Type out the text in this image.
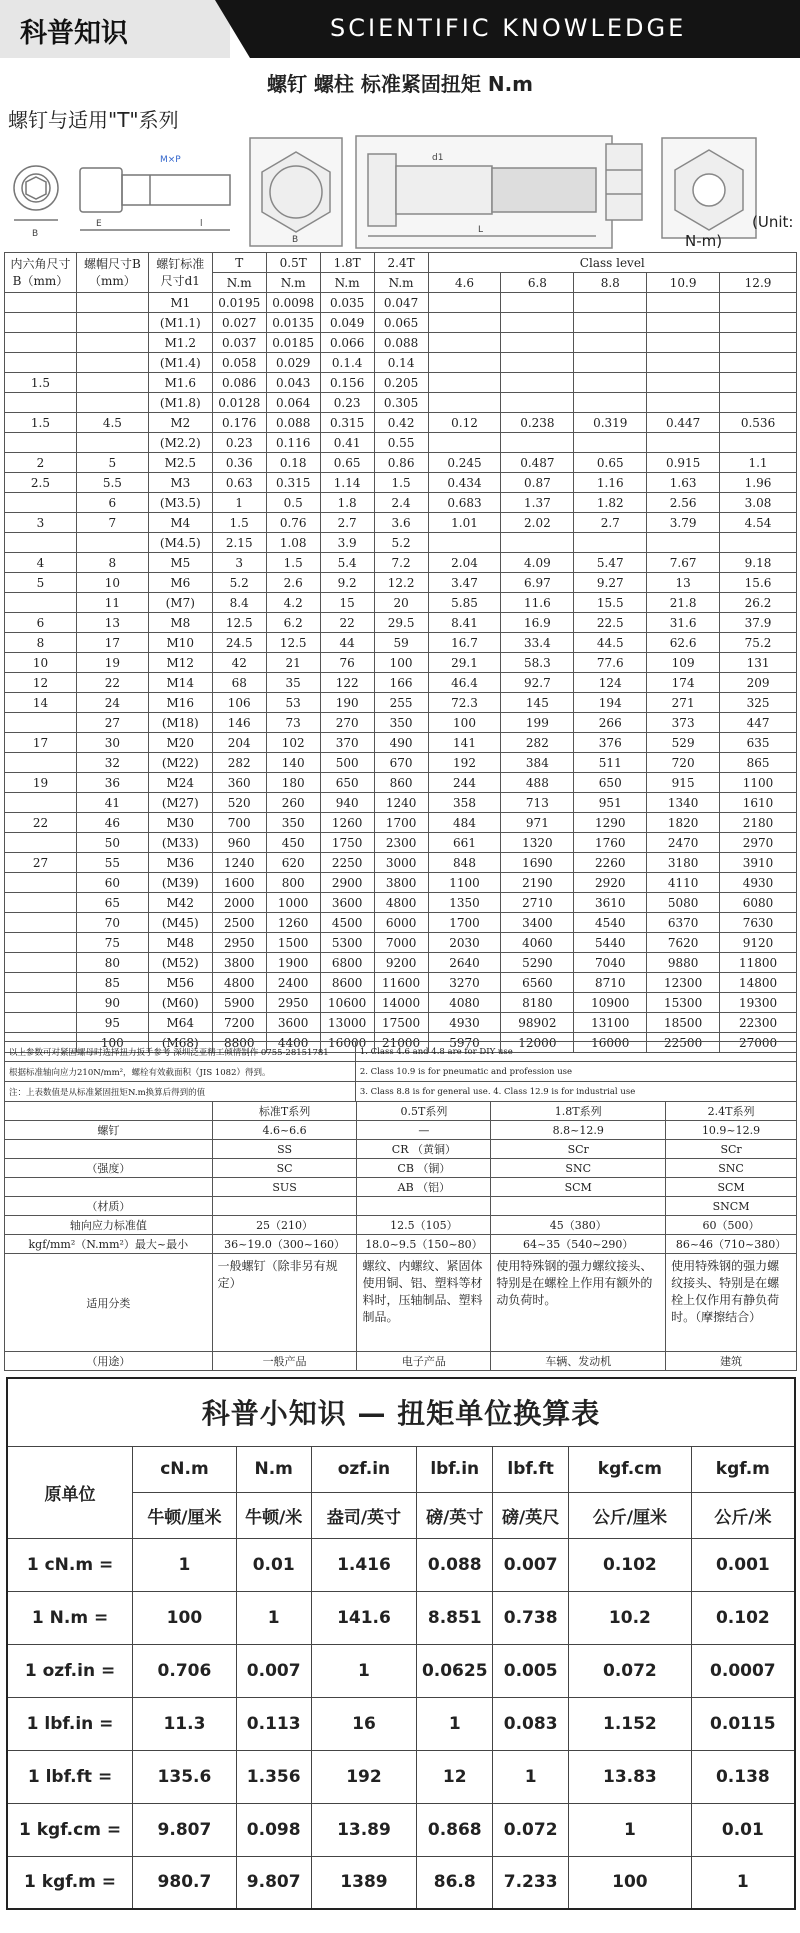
科普知识	SCIENTIFIC KNOWLEDGE
螺钉 螺柱 标准紧固扭矩 N.m
螺钉与适用"T"系列
B
M×P
E	l
B
d1
L	(Unit:
N-m)
内六角尺寸B（mm）	螺帽尺寸B（mm）	螺钉标准尺寸d1	T	0.5T	1.8T	2.4T	Class level				
			N.m	N.m	N.m	N.m	4.6	6.8	8.8	10.9	12.9
		M1	0.0195	0.0098	0.035	0.047					
		(M1.1)	0.027	0.0135	0.049	0.065					
		M1.2	0.037	0.0185	0.066	0.088					
		(M1.4)	0.058	0.029	0.1.4	0.14					
1.5		M1.6	0.086	0.043	0.156	0.205					
		(M1.8)	0.0128	0.064	0.23	0.305					
1.5	4.5	M2	0.176	0.088	0.315	0.42	0.12	0.238	0.319	0.447	0.536
		(M2.2)	0.23	0.116	0.41	0.55					
2	5	M2.5	0.36	0.18	0.65	0.86	0.245	0.487	0.65	0.915	1.1
2.5	5.5	M3	0.63	0.315	1.14	1.5	0.434	0.87	1.16	1.63	1.96
	6	(M3.5)	1	0.5	1.8	2.4	0.683	1.37	1.82	2.56	3.08
3	7	M4	1.5	0.76	2.7	3.6	1.01	2.02	2.7	3.79	4.54
		(M4.5)	2.15	1.08	3.9	5.2					
4	8	M5	3	1.5	5.4	7.2	2.04	4.09	5.47	7.67	9.18
5	10	M6	5.2	2.6	9.2	12.2	3.47	6.97	9.27	13	15.6
	11	(M7)	8.4	4.2	15	20	5.85	11.6	15.5	21.8	26.2
6	13	M8	12.5	6.2	22	29.5	8.41	16.9	22.5	31.6	37.9
8	17	M10	24.5	12.5	44	59	16.7	33.4	44.5	62.6	75.2
10	19	M12	42	21	76	100	29.1	58.3	77.6	109	131
12	22	M14	68	35	122	166	46.4	92.7	124	174	209
14	24	M16	106	53	190	255	72.3	145	194	271	325
	27	(M18)	146	73	270	350	100	199	266	373	447
17	30	M20	204	102	370	490	141	282	376	529	635
	32	(M22)	282	140	500	670	192	384	511	720	865
19	36	M24	360	180	650	860	244	488	650	915	1100
	41	(M27)	520	260	940	1240	358	713	951	1340	1610
22	46	M30	700	350	1260	1700	484	971	1290	1820	2180
	50	(M33)	960	450	1750	2300	661	1320	1760	2470	2970
27	55	M36	1240	620	2250	3000	848	1690	2260	3180	3910
	60	(M39)	1600	800	2900	3800	1100	2190	2920	4110	4930
	65	M42	2000	1000	3600	4800	1350	2710	3610	5080	6080
	70	(M45)	2500	1260	4500	6000	1700	3400	4540	6370	7630
	75	M48	2950	1500	5300	7000	2030	4060	5440	7620	9120
	80	(M52)	3800	1900	6800	9200	2640	5290	7040	9880	11800
	85	M56	4800	2400	8600	11600	3270	6560	8710	12300	14800
	90	(M60)	5900	2950	10600	14000	4080	8180	10900	15300	19300
	95	M64	7200	3600	13000	17500	4930	98902	13100	18500	22300
	100	(M68)	8800	4400	16000	21000	5970	12000	16000	22500	27000
以上参数可对紧固螺母时选择扭力扳手参考 深圳泛亚精工倾情制作 0755-28151781	1. Class 4.6 and 4.8 are for DIY use
根据标准轴向应力210N/mm²，螺栓有效截面积（JIS 1082）得到。	2. Class 10.9 is for pneumatic and profession use
注：上表数值是从标准紧固扭矩N.m换算后得到的值	3. Class 8.8 is for general use. 4. Class 12.9 is for industrial use
	标准T系列	0.5T系列	1.8T系列	2.4T系列
螺钉	4.6~6.6	—	8.8~12.9	10.9~12.9
	SS	CR （黄铜）	SCr	SCr
（强度）	SC	CB （铜）	SNC	SNC
	SUS	AB （铝）	SCM	SCM
（材质）				SNCM
轴向应力标准值	25（210）	12.5（105）	45（380）	60（500）
kgf/mm²（N.mm²）最大~最小	36~19.0（300~160）	18.0~9.5（150~80）	64~35（540~290）	86~46（710~380）
适用分类	一般螺钉（除非另有规定）	螺纹、内螺纹、紧固体使用铜、铝、塑料等材料时，压轴制品、塑料制品。	使用特殊钢的强力螺纹接头、特别是在螺栓上作用有额外的动负荷时。	使用特殊钢的强力螺纹接头、特别是在螺栓上仅作用有静负荷时。（摩擦结合）
（用途）	一般产品	电子产品	车辆、发动机	建筑
科普小知识 — 扭矩单位换算表							
原单位	cN.m	N.m	ozf.in	lbf.in	lbf.ft	kgf.cm	kgf.m
	牛顿/厘米	牛顿/米	盎司/英寸	磅/英寸	磅/英尺	公斤/厘米	公斤/米
1 cN.m =	1	0.01	1.416	0.088	0.007	0.102	0.001
1 N.m =	100	1	141.6	8.851	0.738	10.2	0.102
1 ozf.in =	0.706	0.007	1	0.0625	0.005	0.072	0.0007
1 lbf.in =	11.3	0.113	16	1	0.083	1.152	0.0115
1 lbf.ft =	135.6	1.356	192	12	1	13.83	0.138
1 kgf.cm =	9.807	0.098	13.89	0.868	0.072	1	0.01
1 kgf.m =	980.7	9.807	1389	86.8	7.233	100	1
